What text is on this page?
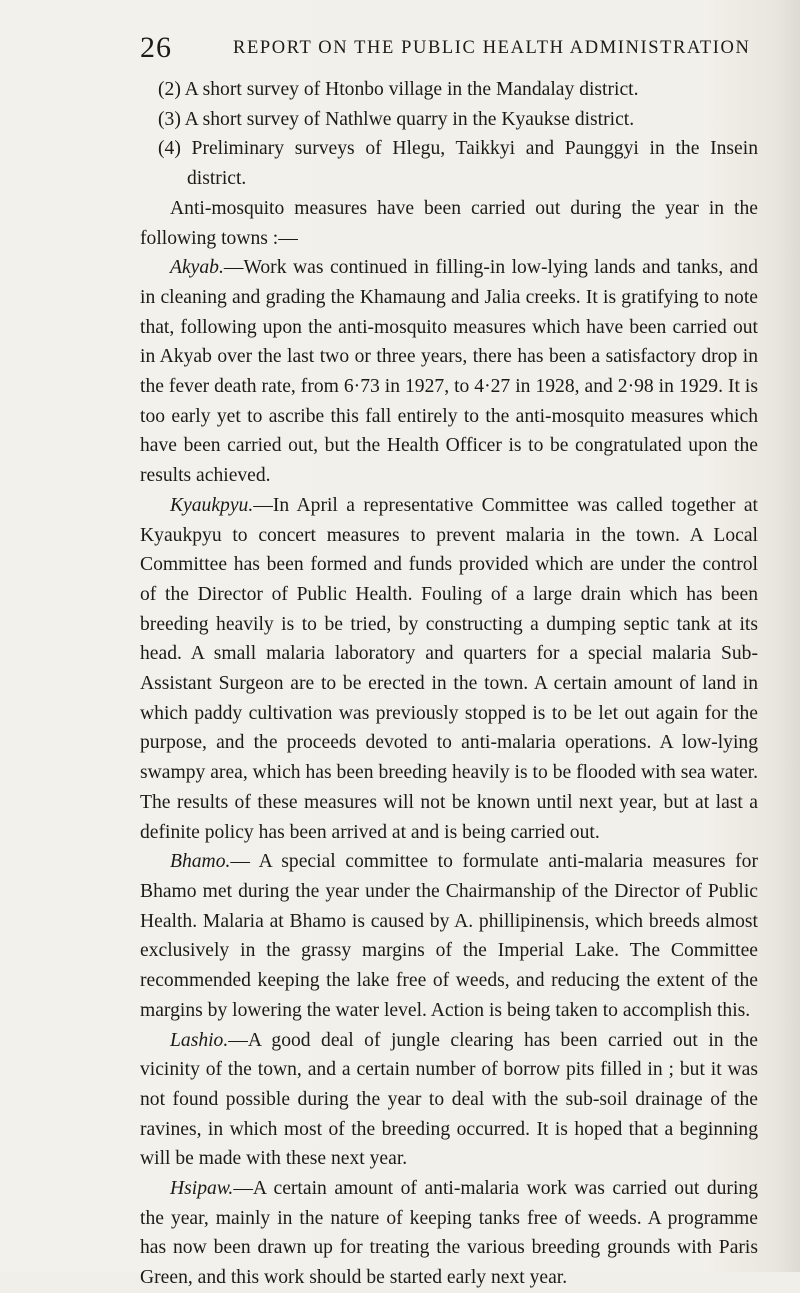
26	REPORT ON THE PUBLIC HEALTH ADMINISTRATION

(2) A short survey of Htonbo village in the Mandalay district.

(3) A short survey of Nathlwe quarry in the Kyaukse district.

(4) Preliminary surveys of Hlegu, Taikkyi and Paunggyi in the Insein district.

Anti-mosquito measures have been carried out during the year in the following towns :—

Akyab.—Work was continued in filling-in low-lying lands and tanks, and in cleaning and grading the Khamaung and Jalia creeks. It is gratifying to note that, following upon the anti-mosquito measures which have been carried out in Akyab over the last two or three years, there has been a satisfactory drop in the fever death rate, from 6·73 in 1927, to 4·27 in 1928, and 2·98 in 1929. It is too early yet to ascribe this fall entirely to the anti-mosquito measures which have been carried out, but the Health Officer is to be congratulated upon the results achieved.

Kyaukpyu.—In April a representative Committee was called together at Kyaukpyu to concert measures to prevent malaria in the town. A Local Committee has been formed and funds provided which are under the control of the Director of Public Health. Fouling of a large drain which has been breeding heavily is to be tried, by constructing a dumping septic tank at its head. A small malaria laboratory and quarters for a special malaria Sub-Assistant Surgeon are to be erected in the town. A certain amount of land in which paddy cultivation was previously stopped is to be let out again for the purpose, and the proceeds devoted to anti-malaria operations. A low-lying swampy area, which has been breeding heavily is to be flooded with sea water. The results of these measures will not be known until next year, but at last a definite policy has been arrived at and is being carried out.

Bhamo.— A special committee to formulate anti-malaria measures for Bhamo met during the year under the Chairmanship of the Director of Public Health. Malaria at Bhamo is caused by A. phillipinensis, which breeds almost exclusively in the grassy margins of the Imperial Lake. The Committee recommended keeping the lake free of weeds, and reducing the extent of the margins by lowering the water level. Action is being taken to accomplish this.

Lashio.—A good deal of jungle clearing has been carried out in the vicinity of the town, and a certain number of borrow pits filled in ; but it was not found possible during the year to deal with the sub-soil drainage of the ravines, in which most of the breeding occurred. It is hoped that a beginning will be made with these next year.

Hsipaw.—A certain amount of anti-malaria work was carried out during the year, mainly in the nature of keeping tanks free of weeds. A programme has now been drawn up for treating the various breeding grounds with Paris Green, and this work should be started early next year.
